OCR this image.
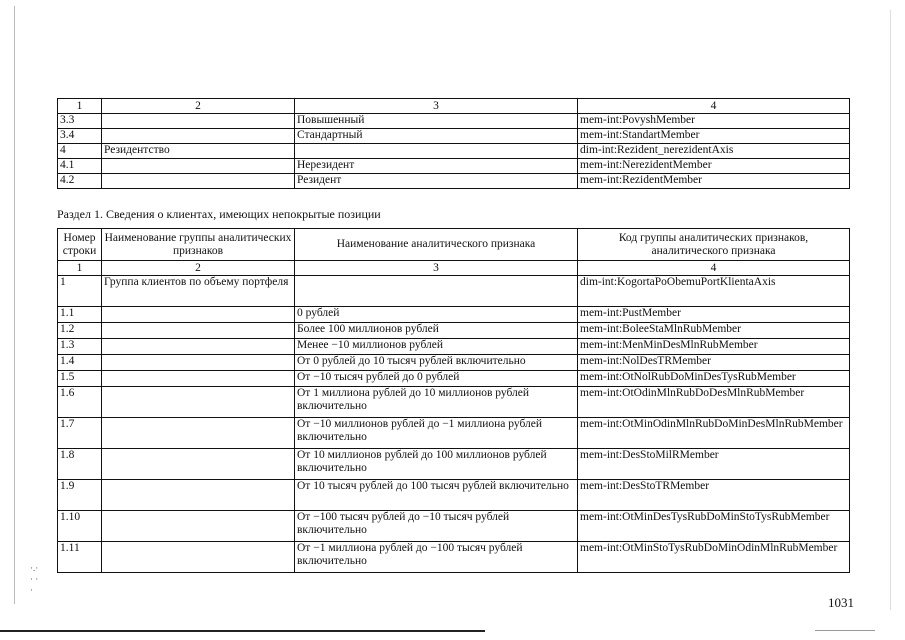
1	2	3	4
3.3		Повышенный	mem-int:PovyshMember
3.4		Стандартный	mem-int:StandartMember
4	Резидентство		dim-int:Rezident_nerezidentAxis
4.1		Нерезидент	mem-int:NerezidentMember
4.2		Резидент	mem-int:RezidentMember
Раздел 1. Сведения о клиентах, имеющих непокрытые позиции
Номер строки	Наименование группы аналитических признаков	Наименование аналитического признака	Код группы аналитических признаков, аналитического признака
1	2	3	4
1	Группа клиентов по объему портфеля		dim-int:KogortaPoObemuPortKlientaAxis
1.1		0 рублей	mem-int:PustMember
1.2		Более 100 миллионов рублей	mem-int:BoleeStaMlnRubMember
1.3		Менее −10 миллионов рублей	mem-int:MenMinDesMlnRubMember
1.4		От 0 рублей до 10 тысяч рублей включительно	mem-int:NolDesTRMember
1.5		От −10 тысяч рублей до 0 рублей	mem-int:OtNolRubDoMinDesTysRubMember
1.6		От 1 миллиона рублей до 10 миллионов рублей включительно	mem-int:OtOdinMlnRubDoDesMlnRubMember
1.7		От −10 миллионов рублей до −1 миллиона рублей включительно	mem-int:OtMinOdinMlnRubDoMinDesMlnRubMember
1.8		От 10 миллионов рублей до 100 миллионов рублей включительно	mem-int:DesStoMilRMember
1.9		От 10 тысяч рублей до 100 тысяч рублей включительно	mem-int:DesStoTRMember
1.10		От −100 тысяч рублей до −10 тысяч рублей включительно	mem-int:OtMinDesTysRubDoMinStoTysRubMember
1.11		От −1 миллиона рублей до −100 тысяч рублей включительно	mem-int:OtMinStoTysRubDoMinOdinMlnRubMember
·.·
· ·
·
1031
